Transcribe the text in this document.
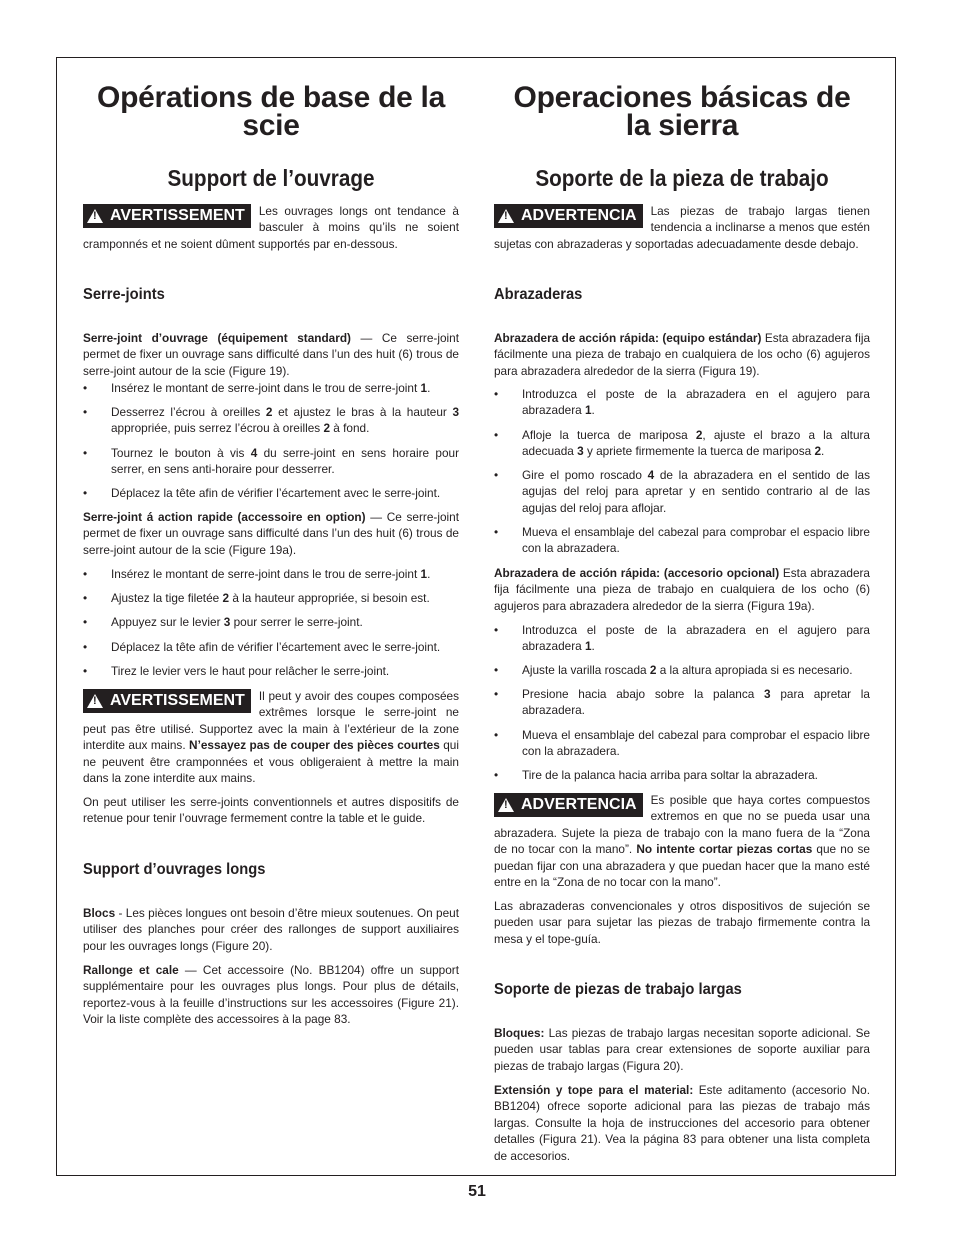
Opérations de base de la
scie
Support de l’ouvrage
!
AVERTISSEMENT Les ouvrages longs ont tendance à basculer à moins qu’ils ne soient cramponnés et ne soient dûment supportés par en-dessous.
Serre-joints
Serre-joint d’ouvrage (équipement standard) — Ce serre-joint permet de fixer un ouvrage sans difficulté dans l’un des huit (6) trous de serre-joint autour de la scie (Figure 19).
• Insérez le montant de serre-joint dans le trou de serre-joint 1.
• Desserrez l’écrou à oreilles 2 et ajustez le bras à la hauteur 3 appropriée, puis serrez l’écrou à oreilles 2 à fond.
• Tournez le bouton à vis 4 du serre-joint en sens horaire pour serrer, en sens anti-horaire pour desserrer.
• Déplacez la tête afin de vérifier l’écartement avec le serre-joint.
Serre-joint á action rapide (accessoire en option) — Ce serre-joint permet de fixer un ouvrage sans difficulté dans l’un des huit (6) trous de serre-joint autour de la scie (Figure 19a).
• Insérez le montant de serre-joint dans le trou de serre-joint 1.
• Ajustez la tige filetée 2 à la hauteur appropriée, si besoin est.
• Appuyez sur le levier 3 pour serrer le serre-joint.
• Déplacez la tête afin de vérifier l’écartement avec le serre-joint.
• Tirez le levier vers le haut pour relâcher le serre-joint.
!
AVERTISSEMENT Il peut y avoir des coupes composées extrêmes lorsque le serre-joint ne peut pas être utilisé. Supportez avec la main à l’extérieur de la zone interdite aux mains. N’essayez pas de couper des pièces courtes qui ne peuvent être cramponnées et vous obligeraient à mettre la main dans la zone interdite aux mains.
On peut utiliser les serre-joints conventionnels et autres dispositifs de retenue pour tenir l’ouvrage fermement contre la table et le guide.
Support d’ouvrages longs
Blocs - Les pièces longues ont besoin d’être mieux soutenues. On peut utiliser des planches pour créer des rallonges de support auxiliaires pour les ouvrages longs (Figure 20).
Rallonge et cale — Cet accessoire (No. BB1204) offre un support supplémentaire pour les ouvrages plus longs. Pour plus de détails, reportez-vous à la feuille d’instructions sur les accessoires (Figure 21). Voir la liste complète des accessoires à la page 83.
Operaciones básicas de
la sierra
Soporte de la pieza de trabajo
!
ADVERTENCIA Las piezas de trabajo largas tienen tendencia a inclinarse a menos que estén sujetas con abrazaderas y soportadas adecuadamente desde debajo.
Abrazaderas
Abrazadera de acción rápida: (equipo estándar) Esta abrazadera fija fácilmente una pieza de trabajo en cualquiera de los ocho (6) agujeros para abrazadera alrededor de la sierra (Figura 19).
• Introduzca el poste de la abrazadera en el agujero para abrazadera 1.
• Afloje la tuerca de mariposa 2, ajuste el brazo a la altura adecuada 3 y apriete firmemente la tuerca de mariposa 2.
• Gire el pomo roscado 4 de la abrazadera en el sentido de las agujas del reloj para apretar y en sentido contrario al de las agujas del reloj para aflojar.
• Mueva el ensamblaje del cabezal para comprobar el espacio libre con la abrazadera.
Abrazadera de acción rápida: (accesorio opcional) Esta abrazadera fija fácilmente una pieza de trabajo en cualquiera de los ocho (6) agujeros para abrazadera alrededor de la sierra (Figura 19a).
• Introduzca el poste de la abrazadera en el agujero para abrazadera 1.
• Ajuste la varilla roscada 2 a la altura apropiada si es necesario.
• Presione hacia abajo sobre la palanca 3 para apretar la abrazadera.
• Mueva el ensamblaje del cabezal para comprobar el espacio libre con la abrazadera.
• Tire de la palanca hacia arriba para soltar la abrazadera.
!
ADVERTENCIA Es posible que haya cortes compuestos extremos en que no se pueda usar una abrazadera. Sujete la pieza de trabajo con la mano fuera de la “Zona de no tocar con la mano”. No intente cortar piezas cortas que no se puedan fijar con una abrazadera y que puedan hacer que la mano esté entre en la “Zona de no tocar con la mano”.
Las abrazaderas convencionales y otros dispositivos de sujeción se pueden usar para sujetar las piezas de trabajo firmemente contra la mesa y el tope-guía.
Soporte de piezas de trabajo largas
Bloques: Las piezas de trabajo largas necesitan soporte adicional. Se pueden usar tablas para crear extensiones de soporte auxiliar para piezas de trabajo largas (Figura 20).
Extensión y tope para el material: Este aditamento (accesorio No. BB1204) ofrece soporte adicional para las piezas de trabajo más largas. Consulte la hoja de instrucciones del accesorio para obtener detalles (Figura 21). Vea la página 83 para obtener una lista completa de accesorios.
51
